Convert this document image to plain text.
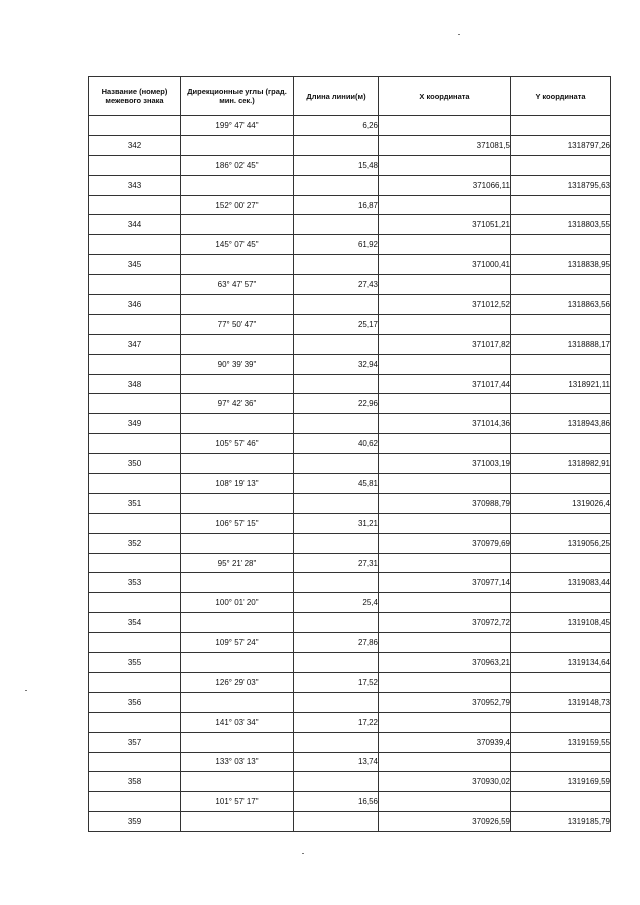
Название (номер) межевого знака	Дирекционные углы (град. мин. сек.)	Длина линии(м)	X координата	Y координата
	199° 47' 44"	6,26		
342			371081,5	1318797,26
	186° 02' 45"	15,48		
343			371066,11	1318795,63
	152° 00' 27"	16,87		
344			371051,21	1318803,55
	145° 07' 45"	61,92		
345			371000,41	1318838,95
	63° 47' 57"	27,43		
346			371012,52	1318863,56
	77° 50' 47"	25,17		
347			371017,82	1318888,17
	90° 39' 39"	32,94		
348			371017,44	1318921,11
	97° 42' 36"	22,96		
349			371014,36	1318943,86
	105° 57' 46"	40,62		
350			371003,19	1318982,91
	108° 19' 13"	45,81		
351			370988,79	1319026,4
	106° 57' 15"	31,21		
352			370979,69	1319056,25
	95° 21' 28"	27,31		
353			370977,14	1319083,44
	100° 01' 20"	25,4		
354			370972,72	1319108,45
	109° 57' 24"	27,86		
355			370963,21	1319134,64
	126° 29' 03"	17,52		
356			370952,79	1319148,73
	141° 03' 34"	17,22		
357			370939,4	1319159,55
	133° 03' 13"	13,74		
358			370930,02	1319169,59
	101° 57' 17"	16,56		
359			370926,59	1319185,79
